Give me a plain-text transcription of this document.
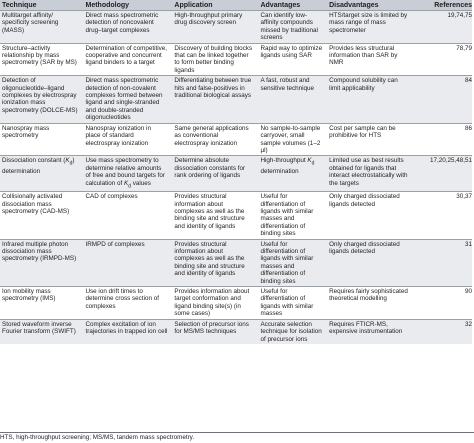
Technique	Methodology	Application	Advantages	Disadvantages	References
Multitarget affinity/ specificity screening (MASS)	Direct mass spectrometric detection of noncovalent drug–target complexes	High-throughput primary drug discovery screen	Can identify low-affinity compounds missed by traditional screens	HTS/target size is limited by mass range of mass spectrometer	19,74,75
Structure–activity relationship by mass spectrometry (SAR by MS)	Determination of competitive, cooperative and concurrent ligand binders to a target	Discovery of building blocks that can be linked together to form better binding ligands	Rapid way to optimize ligands using SAR	Provides less structural information than SAR by NMR	78,79
Detection of oligonucleotide–ligand complexes by electrospray ionization mass spectrometry (DOLCE-MS)	Direct mass spectrometric detection of non-covalent complexes formed between ligand and single-stranded and double-stranded oligonucleotides	Differentiating between true hits and false-positives in traditional biological assays	A fast, robust and sensitive technique	Compound solubility can limit applicability	84
Nanospray mass spectrometry	Nanospray ionization in place of standard electrospray ionization	Same general applications as conventional electrospray ionization	No sample-to-sample carryover, small sample volumes (1–2 µl)	Cost per sample can be prohibitive for HTS	86
Dissociation constant $(K_d)$ determination	Use mass spectrometry to determine relative amounts of free and bound targets for calculation of $K_d$ values	Determine absolute dissociation constants for rank ordering of ligands	High-throughput $K_d$ determination	Limited use as best results obtained for ligands that interact electrostatically with the targets	17,20,25,48,51
Collisionally activated dissociation mass spectrometry (CAD-MS)	CAD of complexes	Provides structural information about complexes as well as the binding site and structure and identity of ligands	Useful for differentiation of ligands with similar masses and differentiation of binding sites	Only charged dissociated ligands detected	30,37
Infrared multiple photon dissociation mass spectrometry (IRMPD-MS)	IRMPD of complexes	Provides structural information about complexes as well as the binding site and structure and identity of ligands	Useful for differentiation of ligands with similar masses and differentiation of binding sites	Only charged dissociated ligands detected	31
Ion mobility mass spectrometry (IMS)	Use ion drift times to determine cross section of complexes	Provides information about target conformation and ligand binding site(s) (in some cases)	Useful for differentiation of ligands with similar masses	Requires fairly sophisticated theoretical modelling	90
Stored waveform inverse Fourier transform (SWIFT)	Complex excitation of ion trajectories in trapped ion cell	Selection of precursor ions for MS/MS techniques	Accurate selection technique for isolation of precursor ions	Requires FTICR-MS, expensive instrumentation	32
HTS, high-throughput screening; MS/MS, tandem mass spectrometry.
